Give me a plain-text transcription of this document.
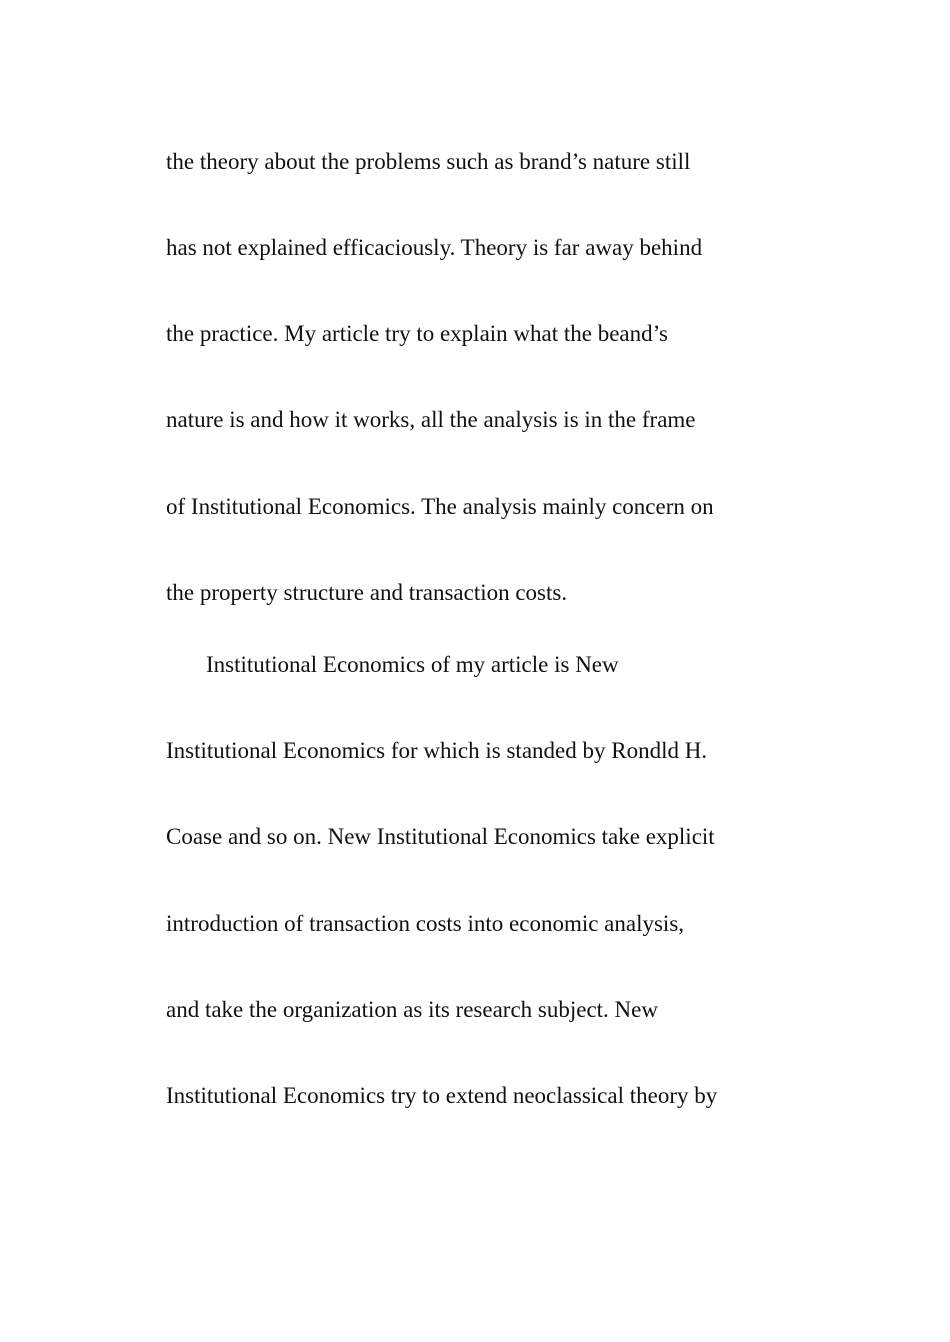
the theory about the problems such as brand’s nature still

has not explained efficaciously. Theory is far away behind

the practice. My article try to explain what the beand’s

nature is and how it works, all the analysis is in the frame

of Institutional Economics. The analysis mainly concern on

the property structure and transaction costs.

Institutional Economics of my article is New

Institutional Economics for which is standed by Rondld H.

Coase and so on. New Institutional Economics take explicit

introduction of transaction costs into economic analysis,

and take the organization as its research subject. New

Institutional Economics try to extend neoclassical theory by
